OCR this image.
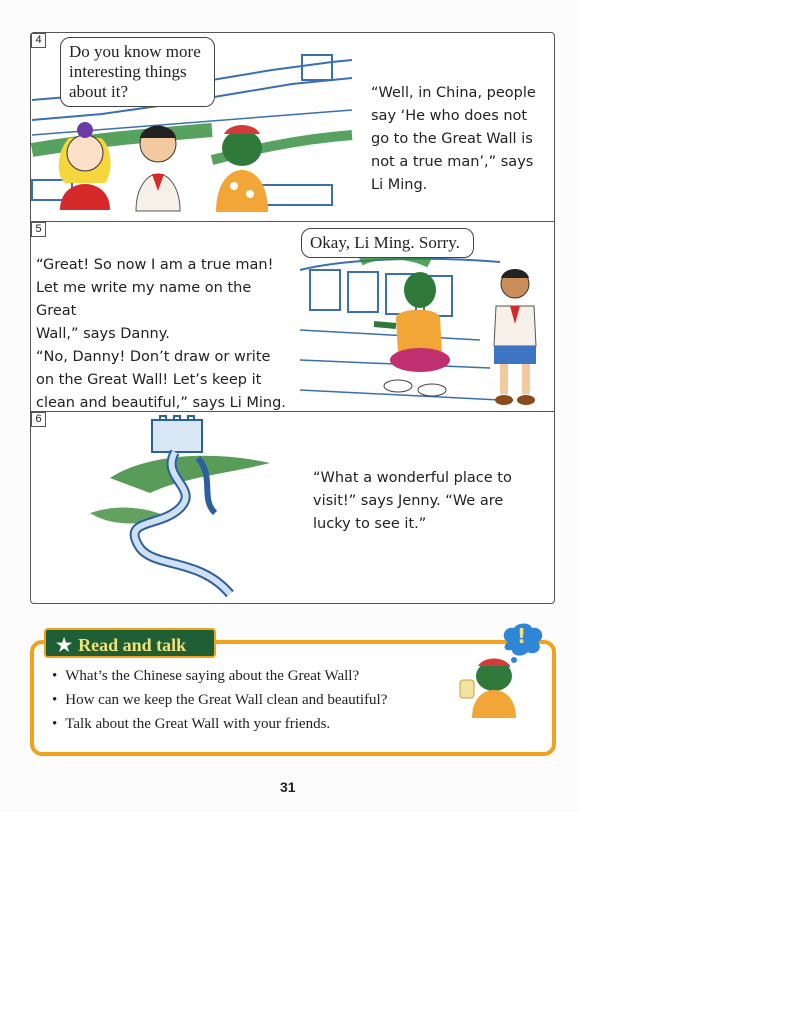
4
Do you know more interesting things about it?	“Well, in China, people say ‘He who does not go to the Great Wall is not a true man’,” says Li Ming.
5
“Great! So now I am a true man!
Let me write my name on the Great
Wall,” says Danny.
“No, Danny! Don’t draw or write
on the Great Wall! Let’s keep it
clean and beautiful,” says Li Ming.
Okay, Li Ming. Sorry.
6
“What a wonderful place to visit!” says Jenny. “We are lucky to see it.”
★ Read and talk
• What’s the Chinese saying about the Great Wall?
• How can we keep the Great Wall clean and beautiful?
• Talk about the Great Wall with your friends.
!
31
